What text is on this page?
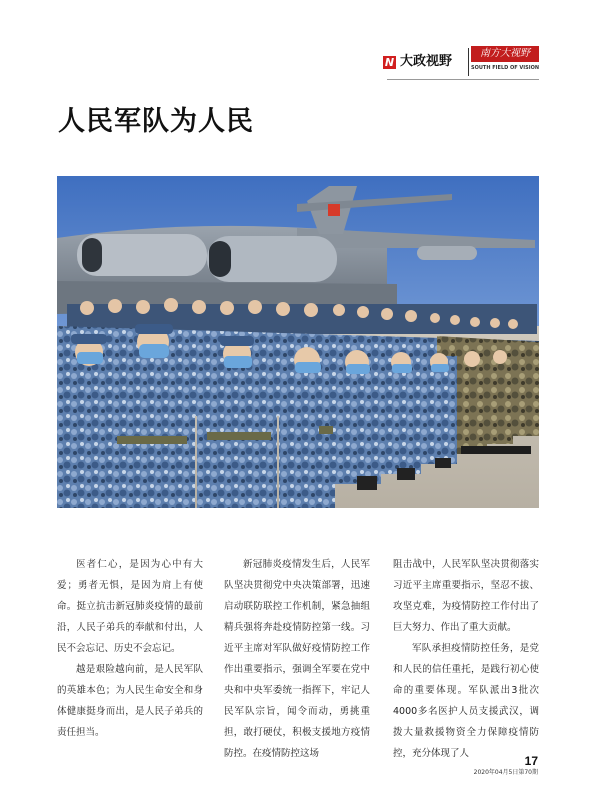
N 大政视野
南方大视野
SOUTH FIELD OF VISION
人民军队为人民

医者仁心，是因为心中有大爱；勇者无惧，是因为肩上有使命。挺立抗击新冠肺炎疫情的最前沿，人民子弟兵的奉献和付出，人民不会忘记、历史不会忘记。

越是艰险越向前，是人民军队的英雄本色；为人民生命安全和身体健康挺身而出，是人民子弟兵的责任担当。

新冠肺炎疫情发生后，人民军队坚决贯彻党中央决策部署，迅速启动联防联控工作机制，紧急抽组精兵强将奔赴疫情防控第一线。习近平主席对军队做好疫情防控工作作出重要指示，强调全军要在党中央和中央军委统一指挥下，牢记人民军队宗旨，闻令而动，勇挑重担，敢打硬仗，积极支援地方疫情防控。在疫情防控这场

阻击战中，人民军队坚决贯彻落实习近平主席重要指示，坚忍不拔、攻坚克难，为疫情防控工作付出了巨大努力、作出了重大贡献。

军队承担疫情防控任务，是党和人民的信任重托，是践行初心使命的重要体现。军队派出3批次4000多名医护人员支援武汉，调拨大量救援物资全力保障疫情防控，充分体现了人

17
2020年04月5日第70期
